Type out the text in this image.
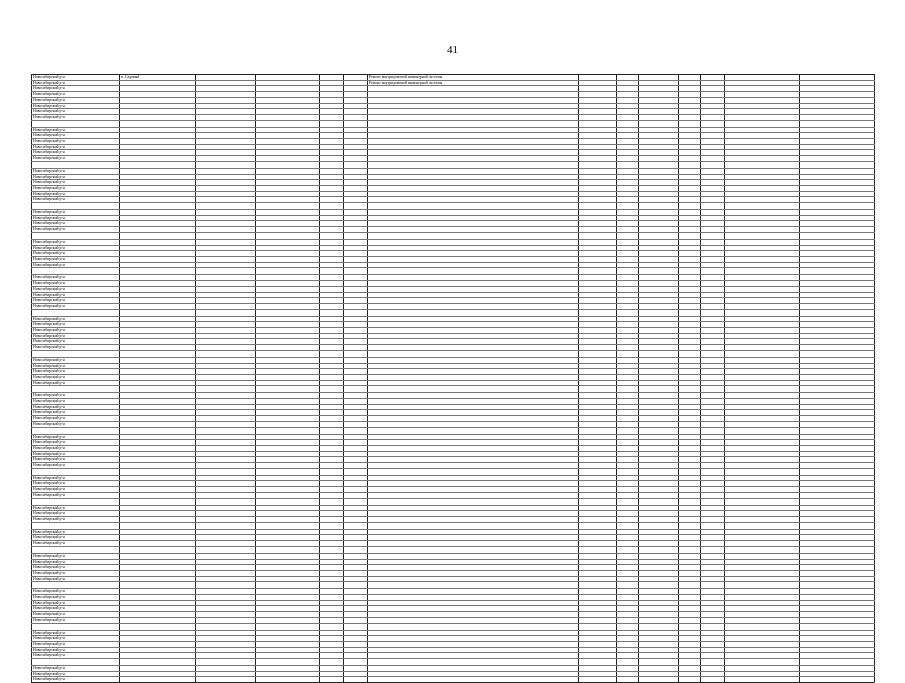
41
Новосибирский р-н	п. Садовый					Ремонт внутридомовой инженерной системы							
Новосибирский р-н						Ремонт внутридомовой инженерной системы							
Новосибирский р-н													
Новосибирский р-н													
Новосибирский р-н													
Новосибирский р-н													
Новосибирский р-н													
Новосибирский р-н													

Новосибирский р-н													
Новосибирский р-н													
Новосибирский р-н													
Новосибирский р-н													
Новосибирский р-н													
Новосибирский р-н													

Новосибирский р-н													
Новосибирский р-н													
Новосибирский р-н													
Новосибирский р-н													
Новосибирский р-н													
Новосибирский р-н													

Новосибирский р-н													
Новосибирский р-н													
Новосибирский р-н													
Новосибирский р-н													

Новосибирский р-н													
Новосибирский р-н													
Новосибирский р-н													
Новосибирский р-н													
Новосибирский р-н													

Новосибирский р-н													
Новосибирский р-н													
Новосибирский р-н													
Новосибирский р-н													
Новосибирский р-н													
Новосибирский р-н													

Новосибирский р-н													
Новосибирский р-н													
Новосибирский р-н													
Новосибирский р-н													
Новосибирский р-н													
Новосибирский р-н													

Новосибирский р-н													
Новосибирский р-н													
Новосибирский р-н													
Новосибирский р-н													
Новосибирский р-н													

Новосибирский р-н													
Новосибирский р-н													
Новосибирский р-н													
Новосибирский р-н													
Новосибирский р-н													
Новосибирский р-н													

Новосибирский р-н													
Новосибирский р-н													
Новосибирский р-н													
Новосибирский р-н													
Новосибирский р-н													
Новосибирский р-н													

Новосибирский р-н													
Новосибирский р-н													
Новосибирский р-н													
Новосибирский р-н													

Новосибирский р-н													
Новосибирский р-н													
Новосибирский р-н													

Новосибирский р-н													
Новосибирский р-н													
Новосибирский р-н													

Новосибирский р-н													
Новосибирский р-н													
Новосибирский р-н													
Новосибирский р-н													
Новосибирский р-н													

Новосибирский р-н													
Новосибирский р-н													
Новосибирский р-н													
Новосибирский р-н													
Новосибирский р-н													
Новосибирский р-н													

Новосибирский р-н													
Новосибирский р-н													
Новосибирский р-н													
Новосибирский р-н													
Новосибирский р-н													

Новосибирский р-н													
Новосибирский р-н													
Новосибирский р-н													
